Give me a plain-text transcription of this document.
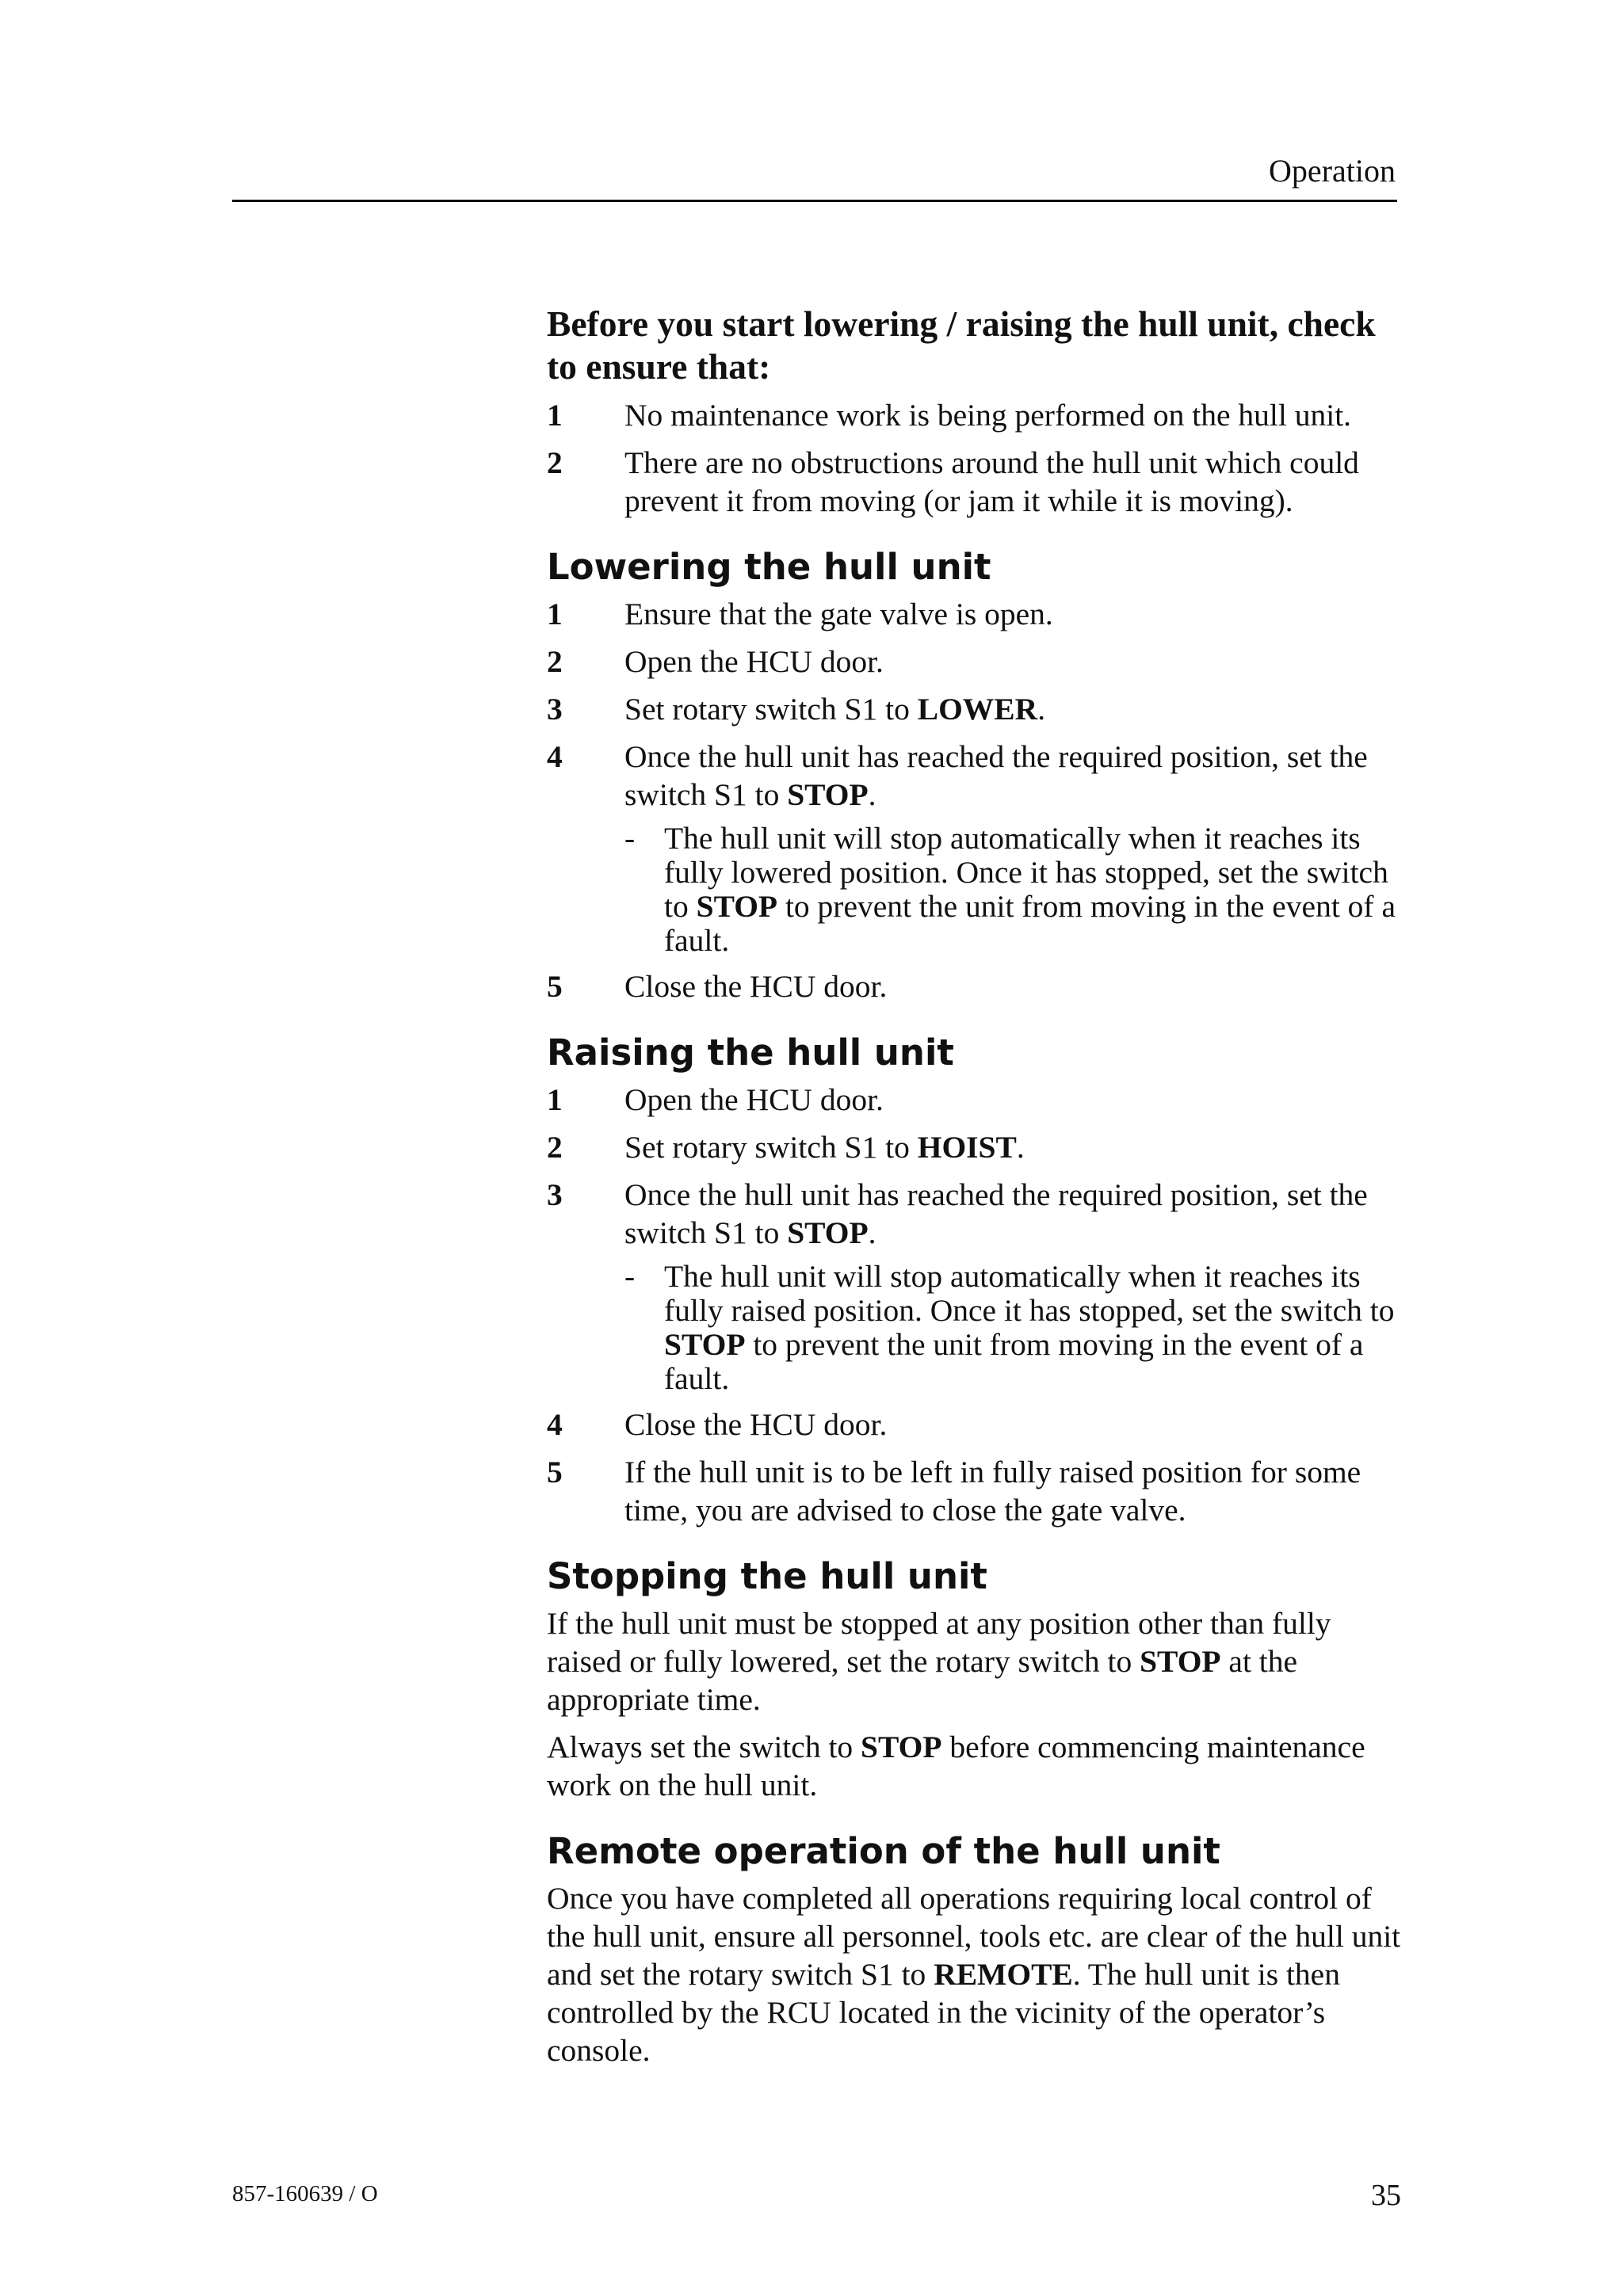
Operation
Before you start lowering / raising the hull unit, check to ensure that:
1	No maintenance work is being performed on the hull unit.
2	There are no obstructions around the hull unit which could prevent it from moving (or jam it while it is moving).
Lowering the hull unit
1	Ensure that the gate valve is open.
2	Open the HCU door.
3	Set rotary switch S1 to LOWER.
4	Once the hull unit has reached the required position, set the switch S1 to STOP.
- The hull unit will stop automatically when it reaches its fully lowered position. Once it has stopped, set the switch to STOP to prevent the unit from moving in the event of a fault.
5	Close the HCU door.
Raising the hull unit
1	Open the HCU door.
2	Set rotary switch S1 to HOIST.
3	Once the hull unit has reached the required position, set the switch S1 to STOP.
- The hull unit will stop automatically when it reaches its fully raised position. Once it has stopped, set the switch to STOP to prevent the unit from moving in the event of a fault.
4	Close the HCU door.
5	If the hull unit is to be left in fully raised position for some time, you are advised to close the gate valve.
Stopping the hull unit
If the hull unit must be stopped at any position other than fully raised or fully lowered, set the rotary switch to STOP at the appropriate time.
Always set the switch to STOP before commencing maintenance work on the hull unit.
Remote operation of the hull unit
Once you have completed all operations requiring local control of the hull unit, ensure all personnel, tools etc. are clear of the hull unit and set the rotary switch S1 to REMOTE. The hull unit is then controlled by the RCU located in the vicinity of the operator’s console.
857-160639 / O	35
